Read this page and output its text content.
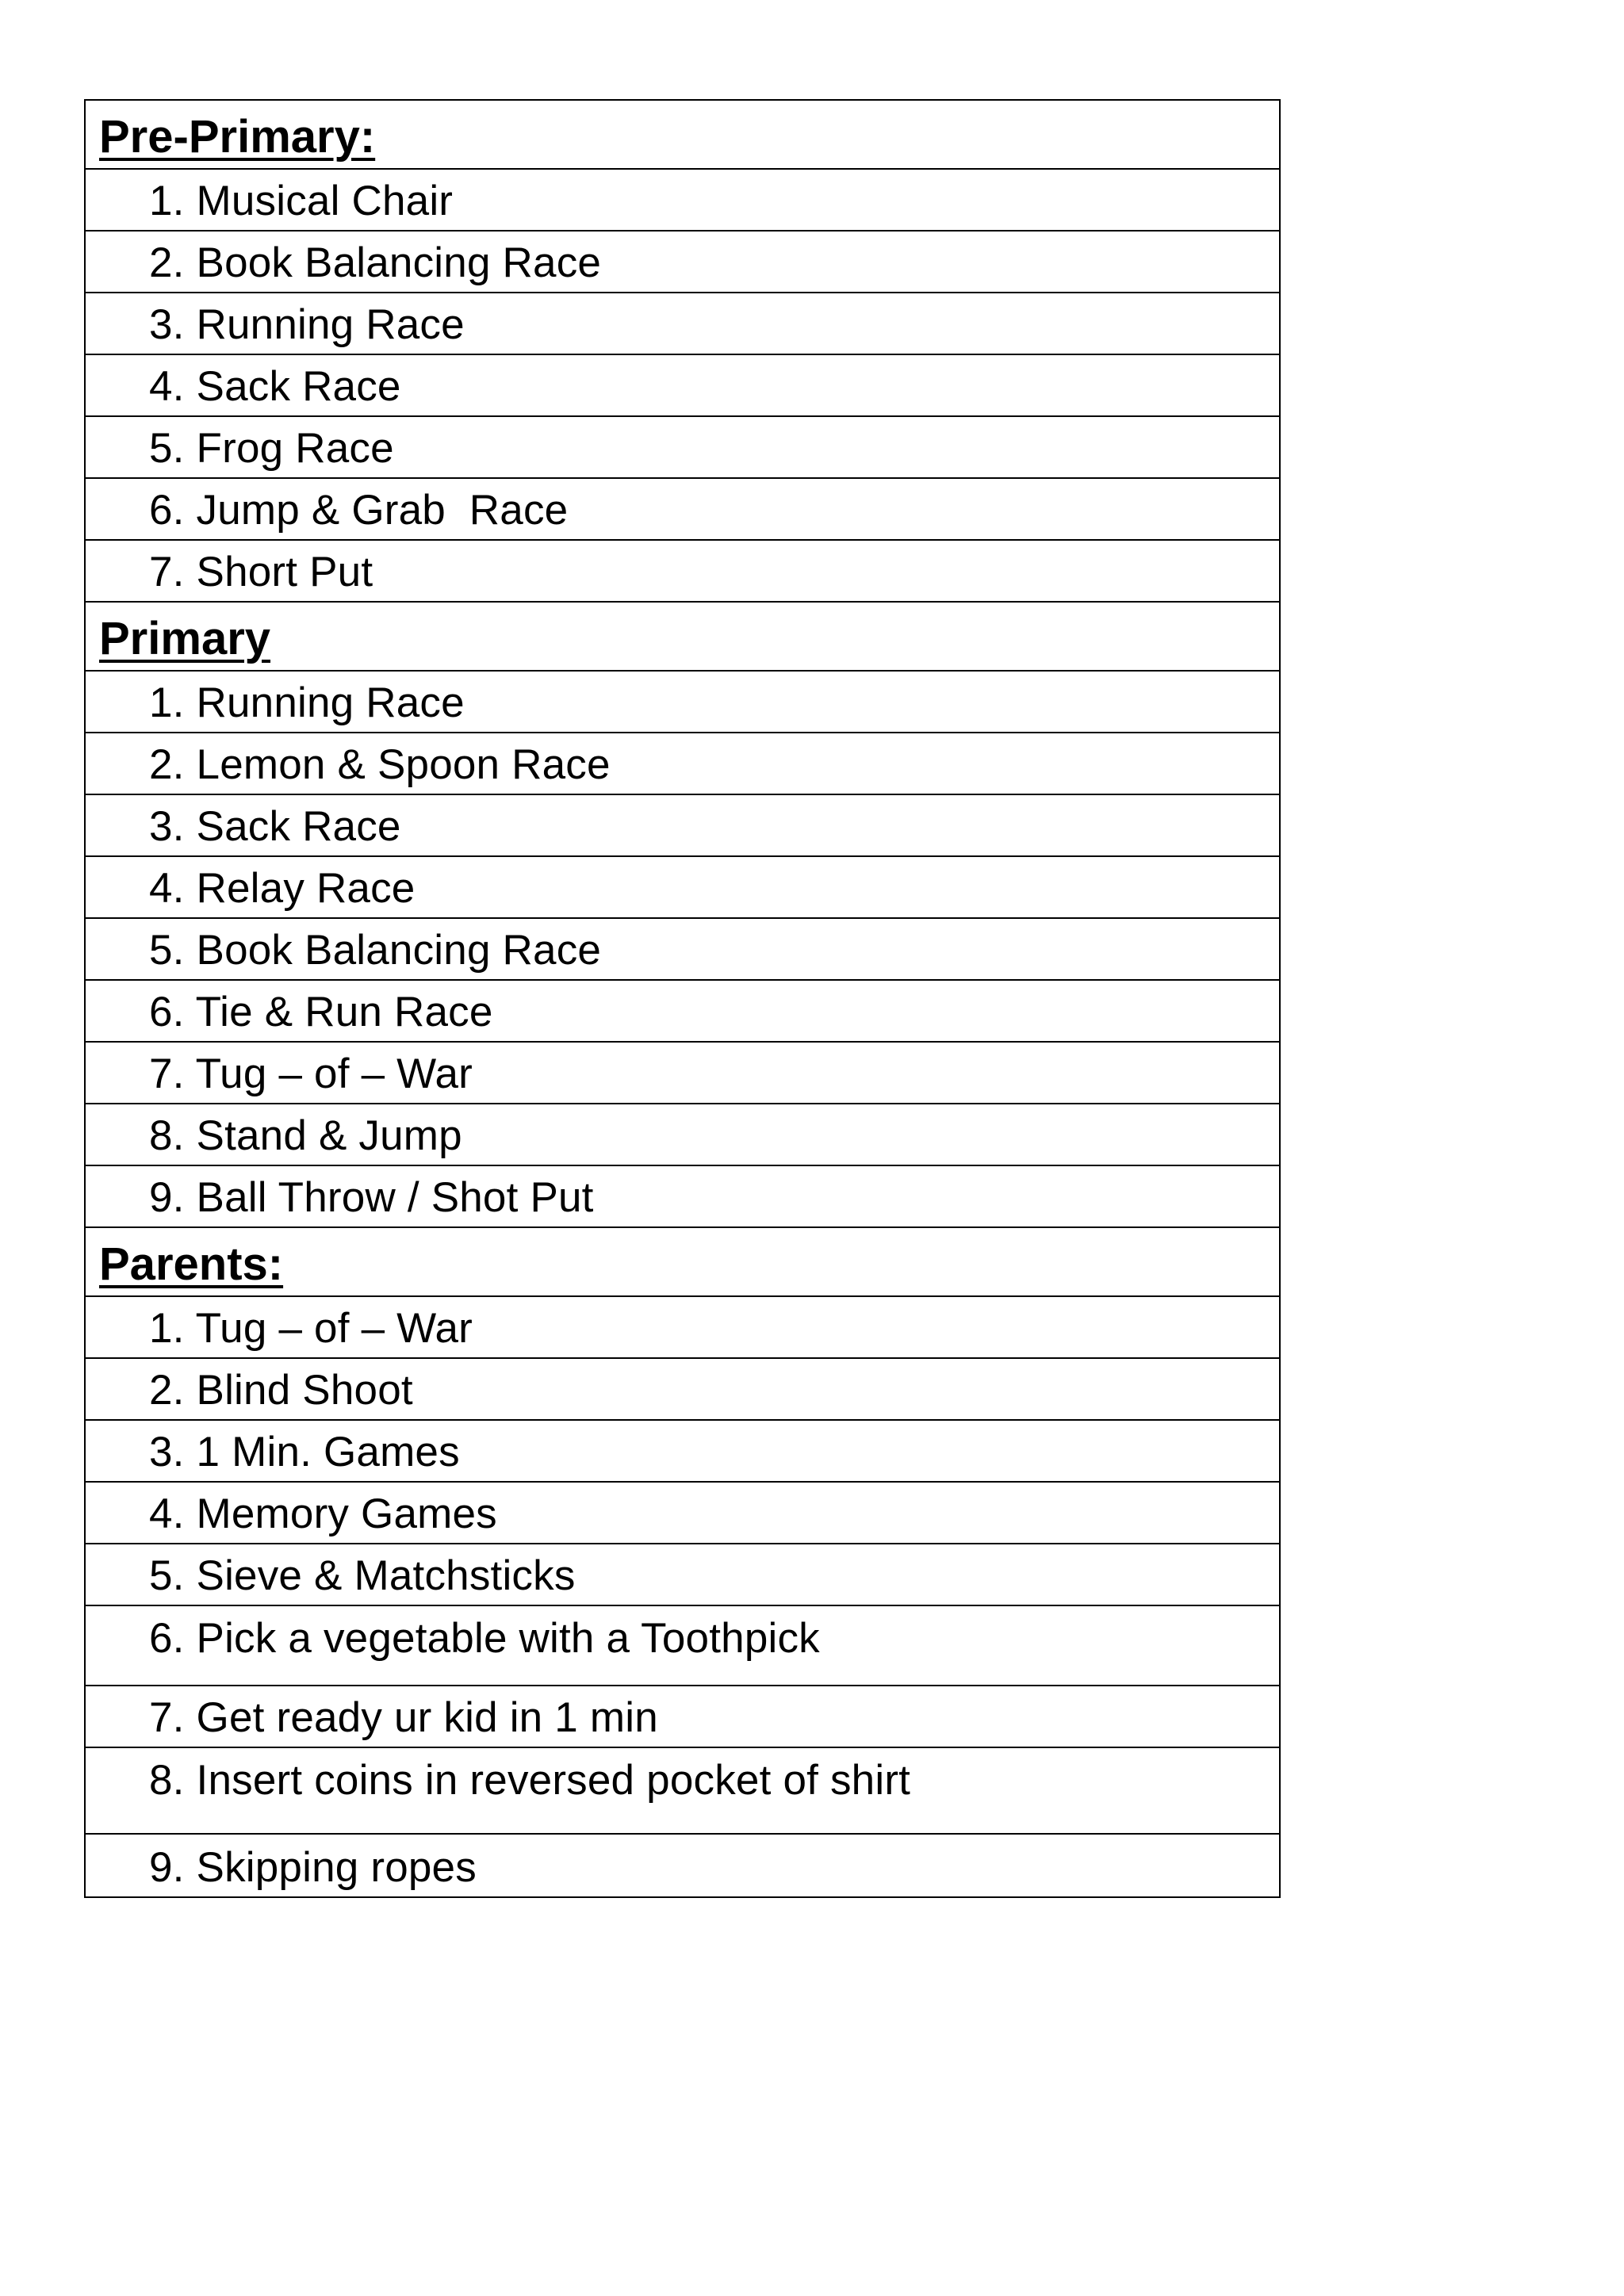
Pre-Primary:
1. Musical Chair
2. Book Balancing Race
3. Running Race
4. Sack Race
5. Frog Race
6. Jump & Grab  Race
7. Short Put
Primary
1. Running Race
2. Lemon & Spoon Race
3. Sack Race
4. Relay Race
5. Book Balancing Race
6. Tie & Run Race
7. Tug – of – War
8. Stand & Jump
9. Ball Throw / Shot Put
Parents:
1. Tug – of – War
2. Blind Shoot
3. 1 Min. Games
4. Memory Games
5. Sieve & Matchsticks
6. Pick a vegetable with a Toothpick
7. Get ready ur kid in 1 min
8. Insert coins in reversed pocket of shirt
9. Skipping ropes
